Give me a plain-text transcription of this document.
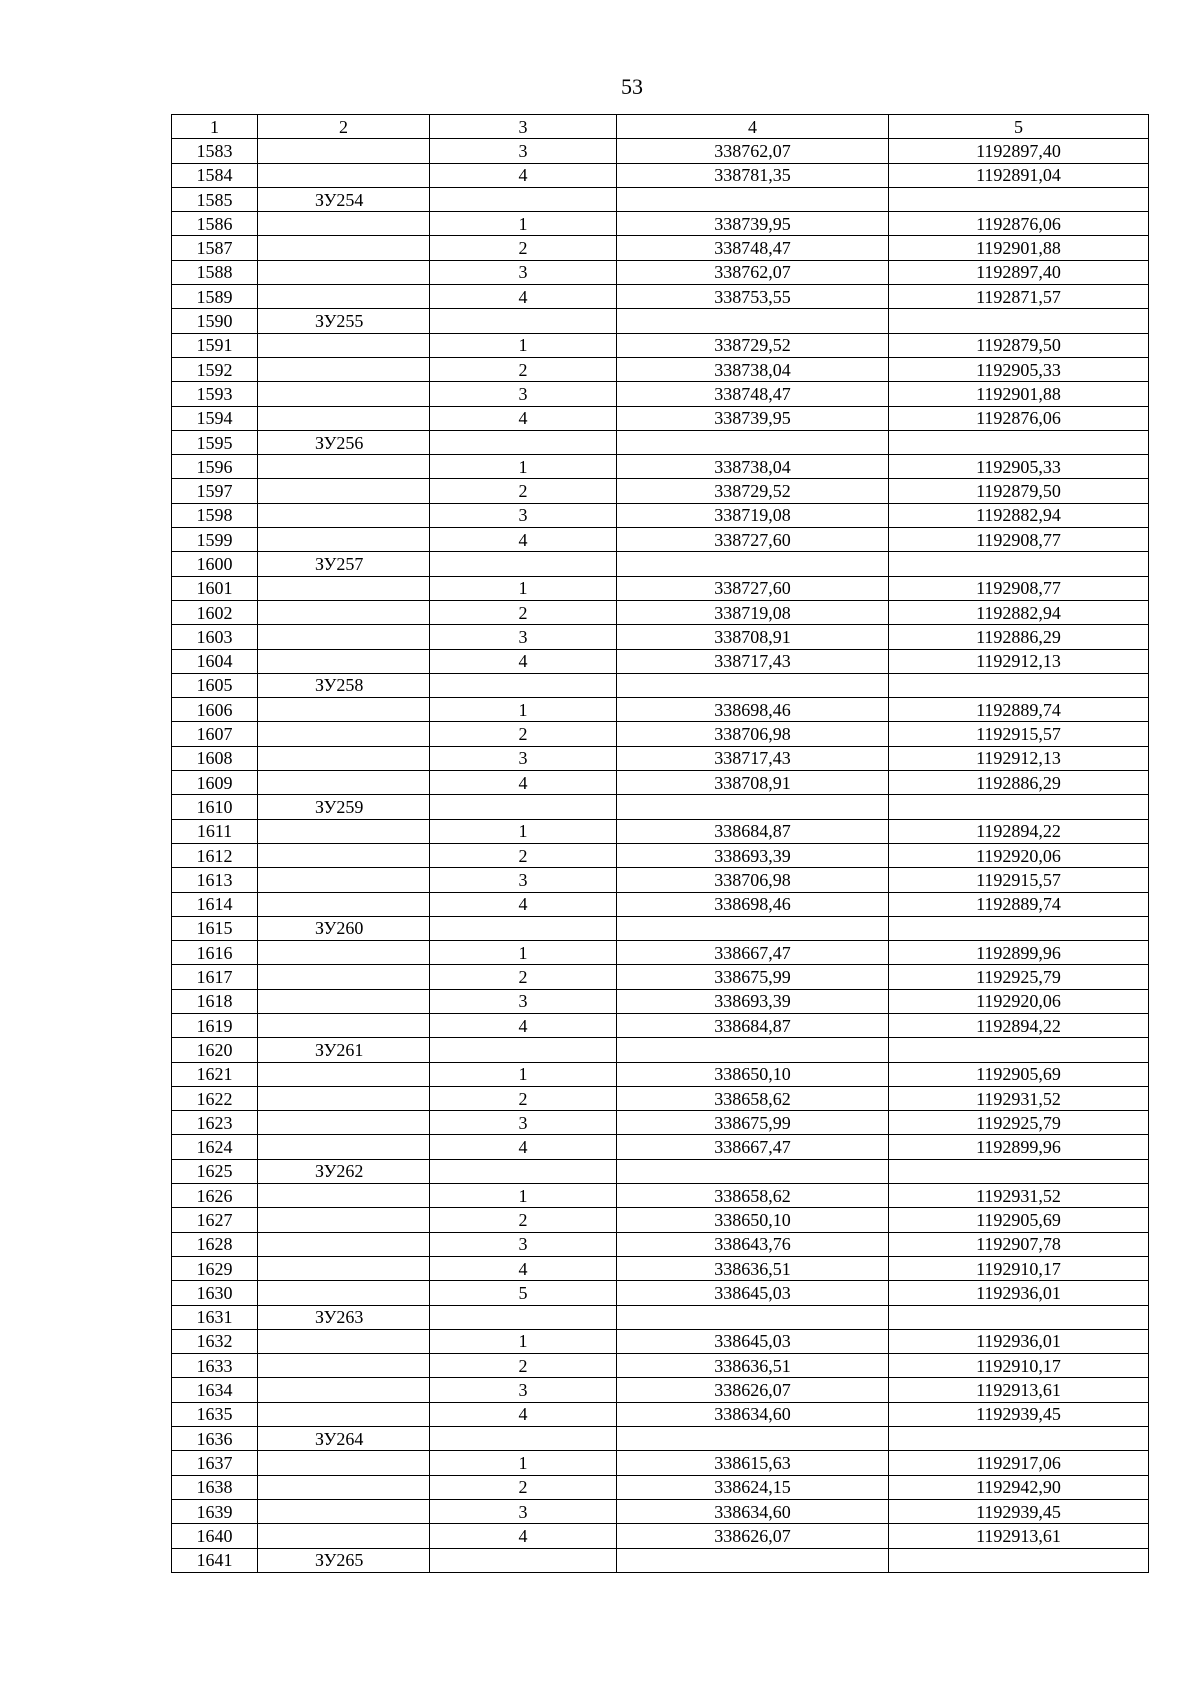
53
1	2	3	4	5
1583		3	338762,07	1192897,40
1584		4	338781,35	1192891,04
1585	ЗУ254			
1586		1	338739,95	1192876,06
1587		2	338748,47	1192901,88
1588		3	338762,07	1192897,40
1589		4	338753,55	1192871,57
1590	ЗУ255			
1591		1	338729,52	1192879,50
1592		2	338738,04	1192905,33
1593		3	338748,47	1192901,88
1594		4	338739,95	1192876,06
1595	ЗУ256			
1596		1	338738,04	1192905,33
1597		2	338729,52	1192879,50
1598		3	338719,08	1192882,94
1599		4	338727,60	1192908,77
1600	ЗУ257			
1601		1	338727,60	1192908,77
1602		2	338719,08	1192882,94
1603		3	338708,91	1192886,29
1604		4	338717,43	1192912,13
1605	ЗУ258			
1606		1	338698,46	1192889,74
1607		2	338706,98	1192915,57
1608		3	338717,43	1192912,13
1609		4	338708,91	1192886,29
1610	ЗУ259			
1611		1	338684,87	1192894,22
1612		2	338693,39	1192920,06
1613		3	338706,98	1192915,57
1614		4	338698,46	1192889,74
1615	ЗУ260			
1616		1	338667,47	1192899,96
1617		2	338675,99	1192925,79
1618		3	338693,39	1192920,06
1619		4	338684,87	1192894,22
1620	ЗУ261			
1621		1	338650,10	1192905,69
1622		2	338658,62	1192931,52
1623		3	338675,99	1192925,79
1624		4	338667,47	1192899,96
1625	ЗУ262			
1626		1	338658,62	1192931,52
1627		2	338650,10	1192905,69
1628		3	338643,76	1192907,78
1629		4	338636,51	1192910,17
1630		5	338645,03	1192936,01
1631	ЗУ263			
1632		1	338645,03	1192936,01
1633		2	338636,51	1192910,17
1634		3	338626,07	1192913,61
1635		4	338634,60	1192939,45
1636	ЗУ264			
1637		1	338615,63	1192917,06
1638		2	338624,15	1192942,90
1639		3	338634,60	1192939,45
1640		4	338626,07	1192913,61
1641	ЗУ265			
